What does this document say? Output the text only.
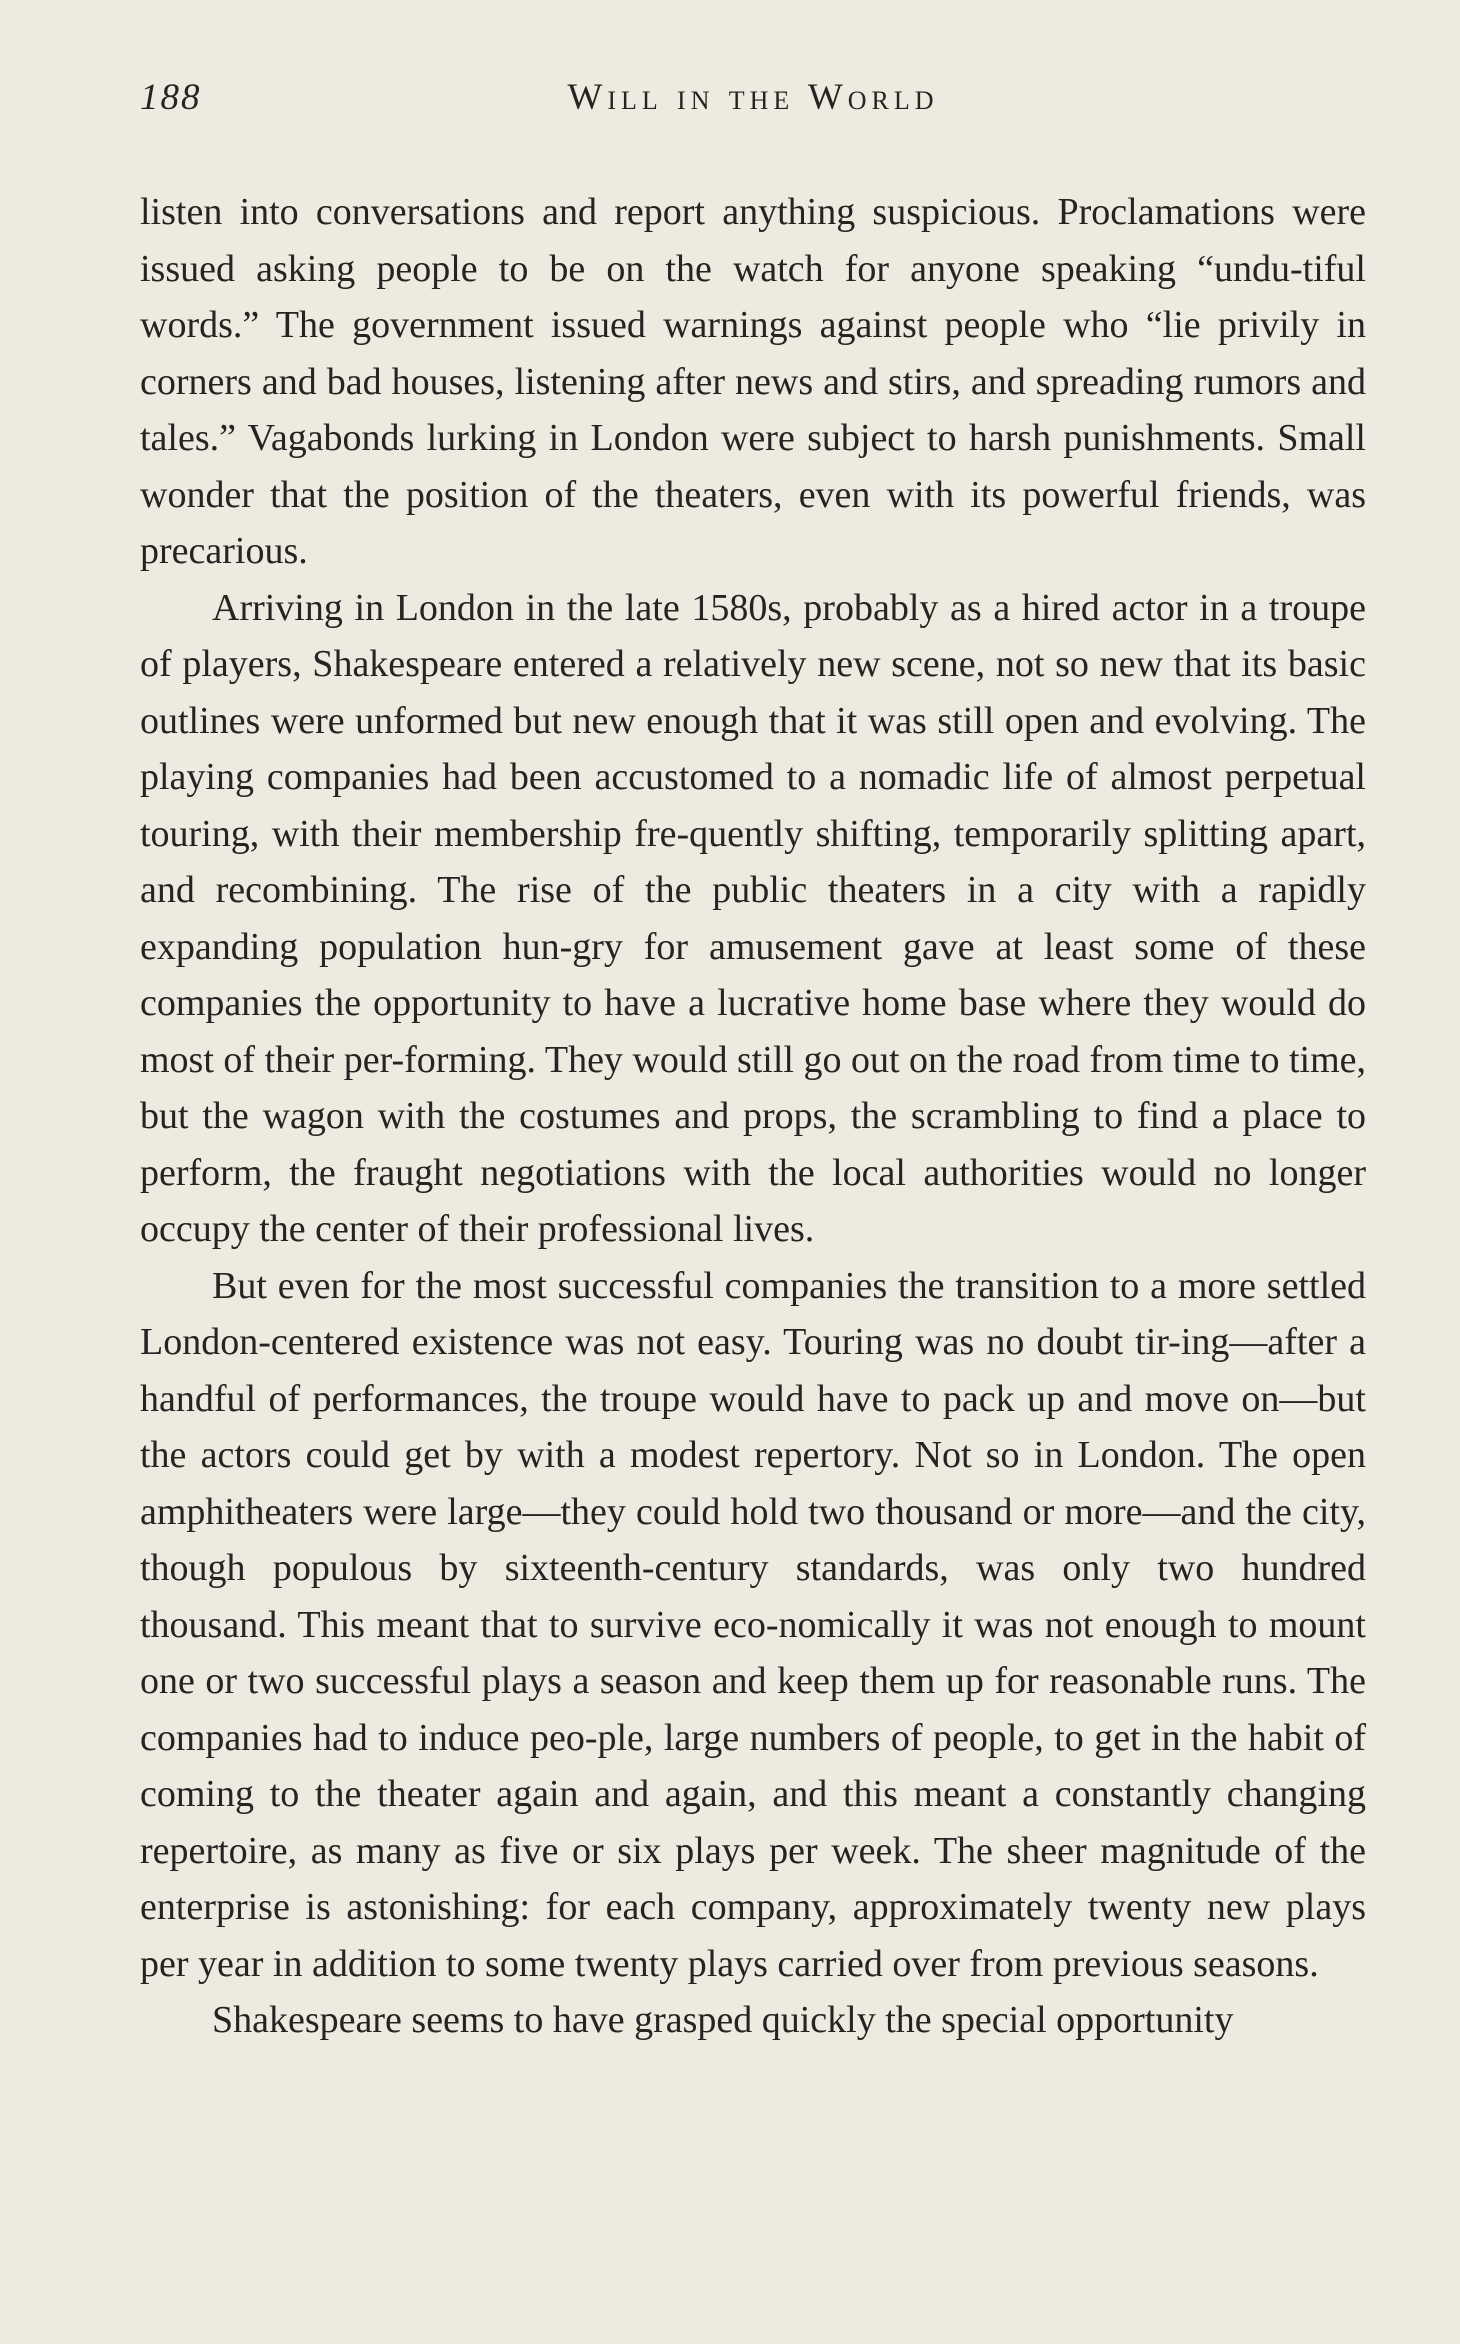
188	Will in the World

listen into conversations and report anything suspicious. Proclamations were issued asking people to be on the watch for anyone speaking “undu-tiful words.” The government issued warnings against people who “lie privily in corners and bad houses, listening after news and stirs, and spreading rumors and tales.” Vagabonds lurking in London were subject to harsh punishments. Small wonder that the position of the theaters, even with its powerful friends, was precarious.

Arriving in London in the late 1580s, probably as a hired actor in a troupe of players, Shakespeare entered a relatively new scene, not so new that its basic outlines were unformed but new enough that it was still open and evolving. The playing companies had been accustomed to a nomadic life of almost perpetual touring, with their membership fre-quently shifting, temporarily splitting apart, and recombining. The rise of the public theaters in a city with a rapidly expanding population hun-gry for amusement gave at least some of these companies the opportunity to have a lucrative home base where they would do most of their per-forming. They would still go out on the road from time to time, but the wagon with the costumes and props, the scrambling to find a place to perform, the fraught negotiations with the local authorities would no longer occupy the center of their professional lives.

But even for the most successful companies the transition to a more settled London-centered existence was not easy. Touring was no doubt tir-ing—after a handful of performances, the troupe would have to pack up and move on—but the actors could get by with a modest repertory. Not so in London. The open amphitheaters were large—they could hold two thousand or more—and the city, though populous by sixteenth-century standards, was only two hundred thousand. This meant that to survive eco-nomically it was not enough to mount one or two successful plays a season and keep them up for reasonable runs. The companies had to induce peo-ple, large numbers of people, to get in the habit of coming to the theater again and again, and this meant a constantly changing repertoire, as many as five or six plays per week. The sheer magnitude of the enterprise is astonishing: for each company, approximately twenty new plays per year in addition to some twenty plays carried over from previous seasons.

Shakespeare seems to have grasped quickly the special opportunity
